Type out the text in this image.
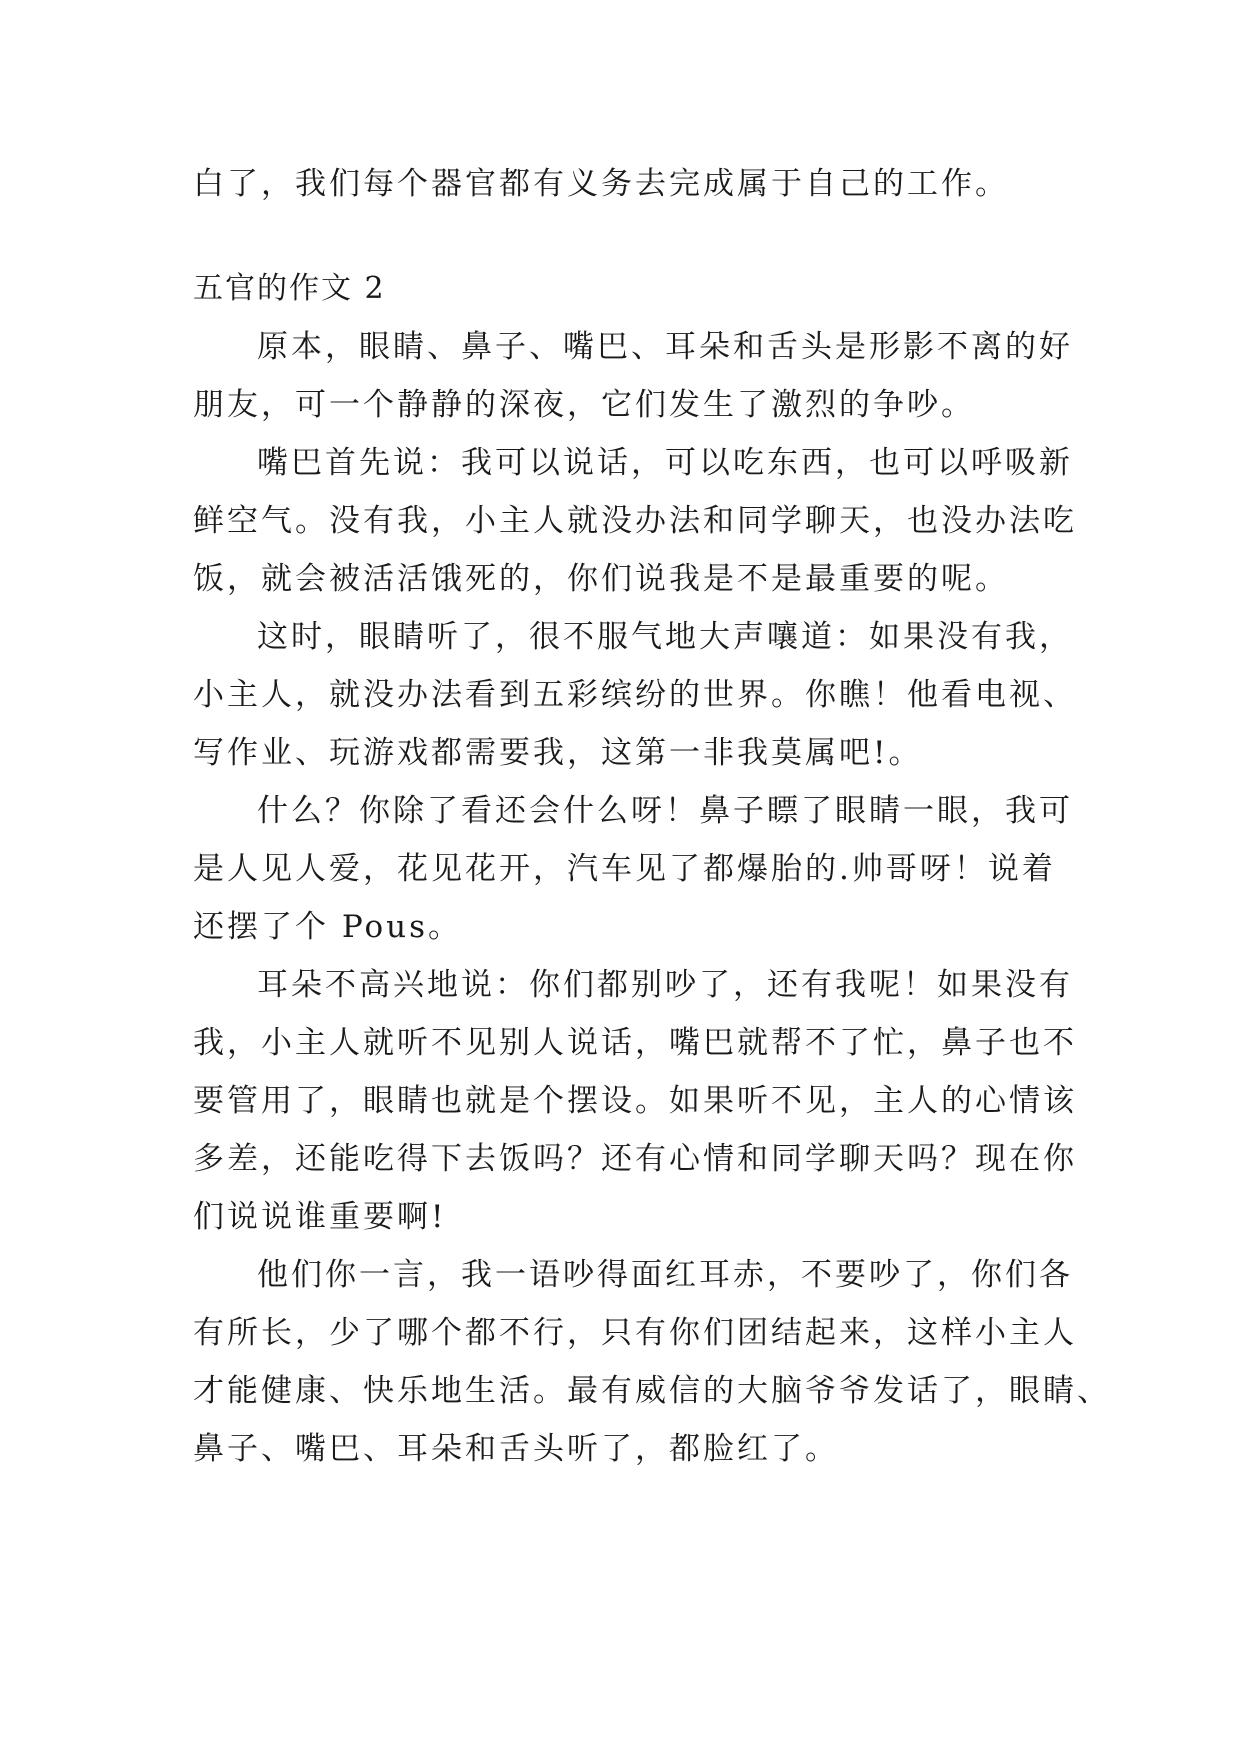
白了，我们每个器官都有义务去完成属于自己的工作。

五官的作文 2

原本，眼睛、鼻子、嘴巴、耳朵和舌头是形影不离的好

朋友，可一个静静的深夜，它们发生了激烈的争吵。

嘴巴首先说：我可以说话，可以吃东西，也可以呼吸新

鲜空气。没有我，小主人就没办法和同学聊天，也没办法吃

饭，就会被活活饿死的，你们说我是不是最重要的呢。

这时，眼睛听了，很不服气地大声嚷道：如果没有我，

小主人，就没办法看到五彩缤纷的世界。你瞧！他看电视、

写作业、玩游戏都需要我，这第一非我莫属吧!。

什么？你除了看还会什么呀！鼻子瞟了眼睛一眼，我可

是人见人爱，花见花开，汽车见了都爆胎的.帅哥呀！说着

还摆了个 Pous。

耳朵不高兴地说：你们都别吵了，还有我呢！如果没有

我，小主人就听不见别人说话，嘴巴就帮不了忙，鼻子也不

要管用了，眼睛也就是个摆设。如果听不见，主人的心情该

多差，还能吃得下去饭吗？还有心情和同学聊天吗？现在你

们说说谁重要啊!

他们你一言，我一语吵得面红耳赤，不要吵了，你们各

有所长，少了哪个都不行，只有你们团结起来，这样小主人

才能健康、快乐地生活。最有威信的大脑爷爷发话了，眼睛、

鼻子、嘴巴、耳朵和舌头听了，都脸红了。
